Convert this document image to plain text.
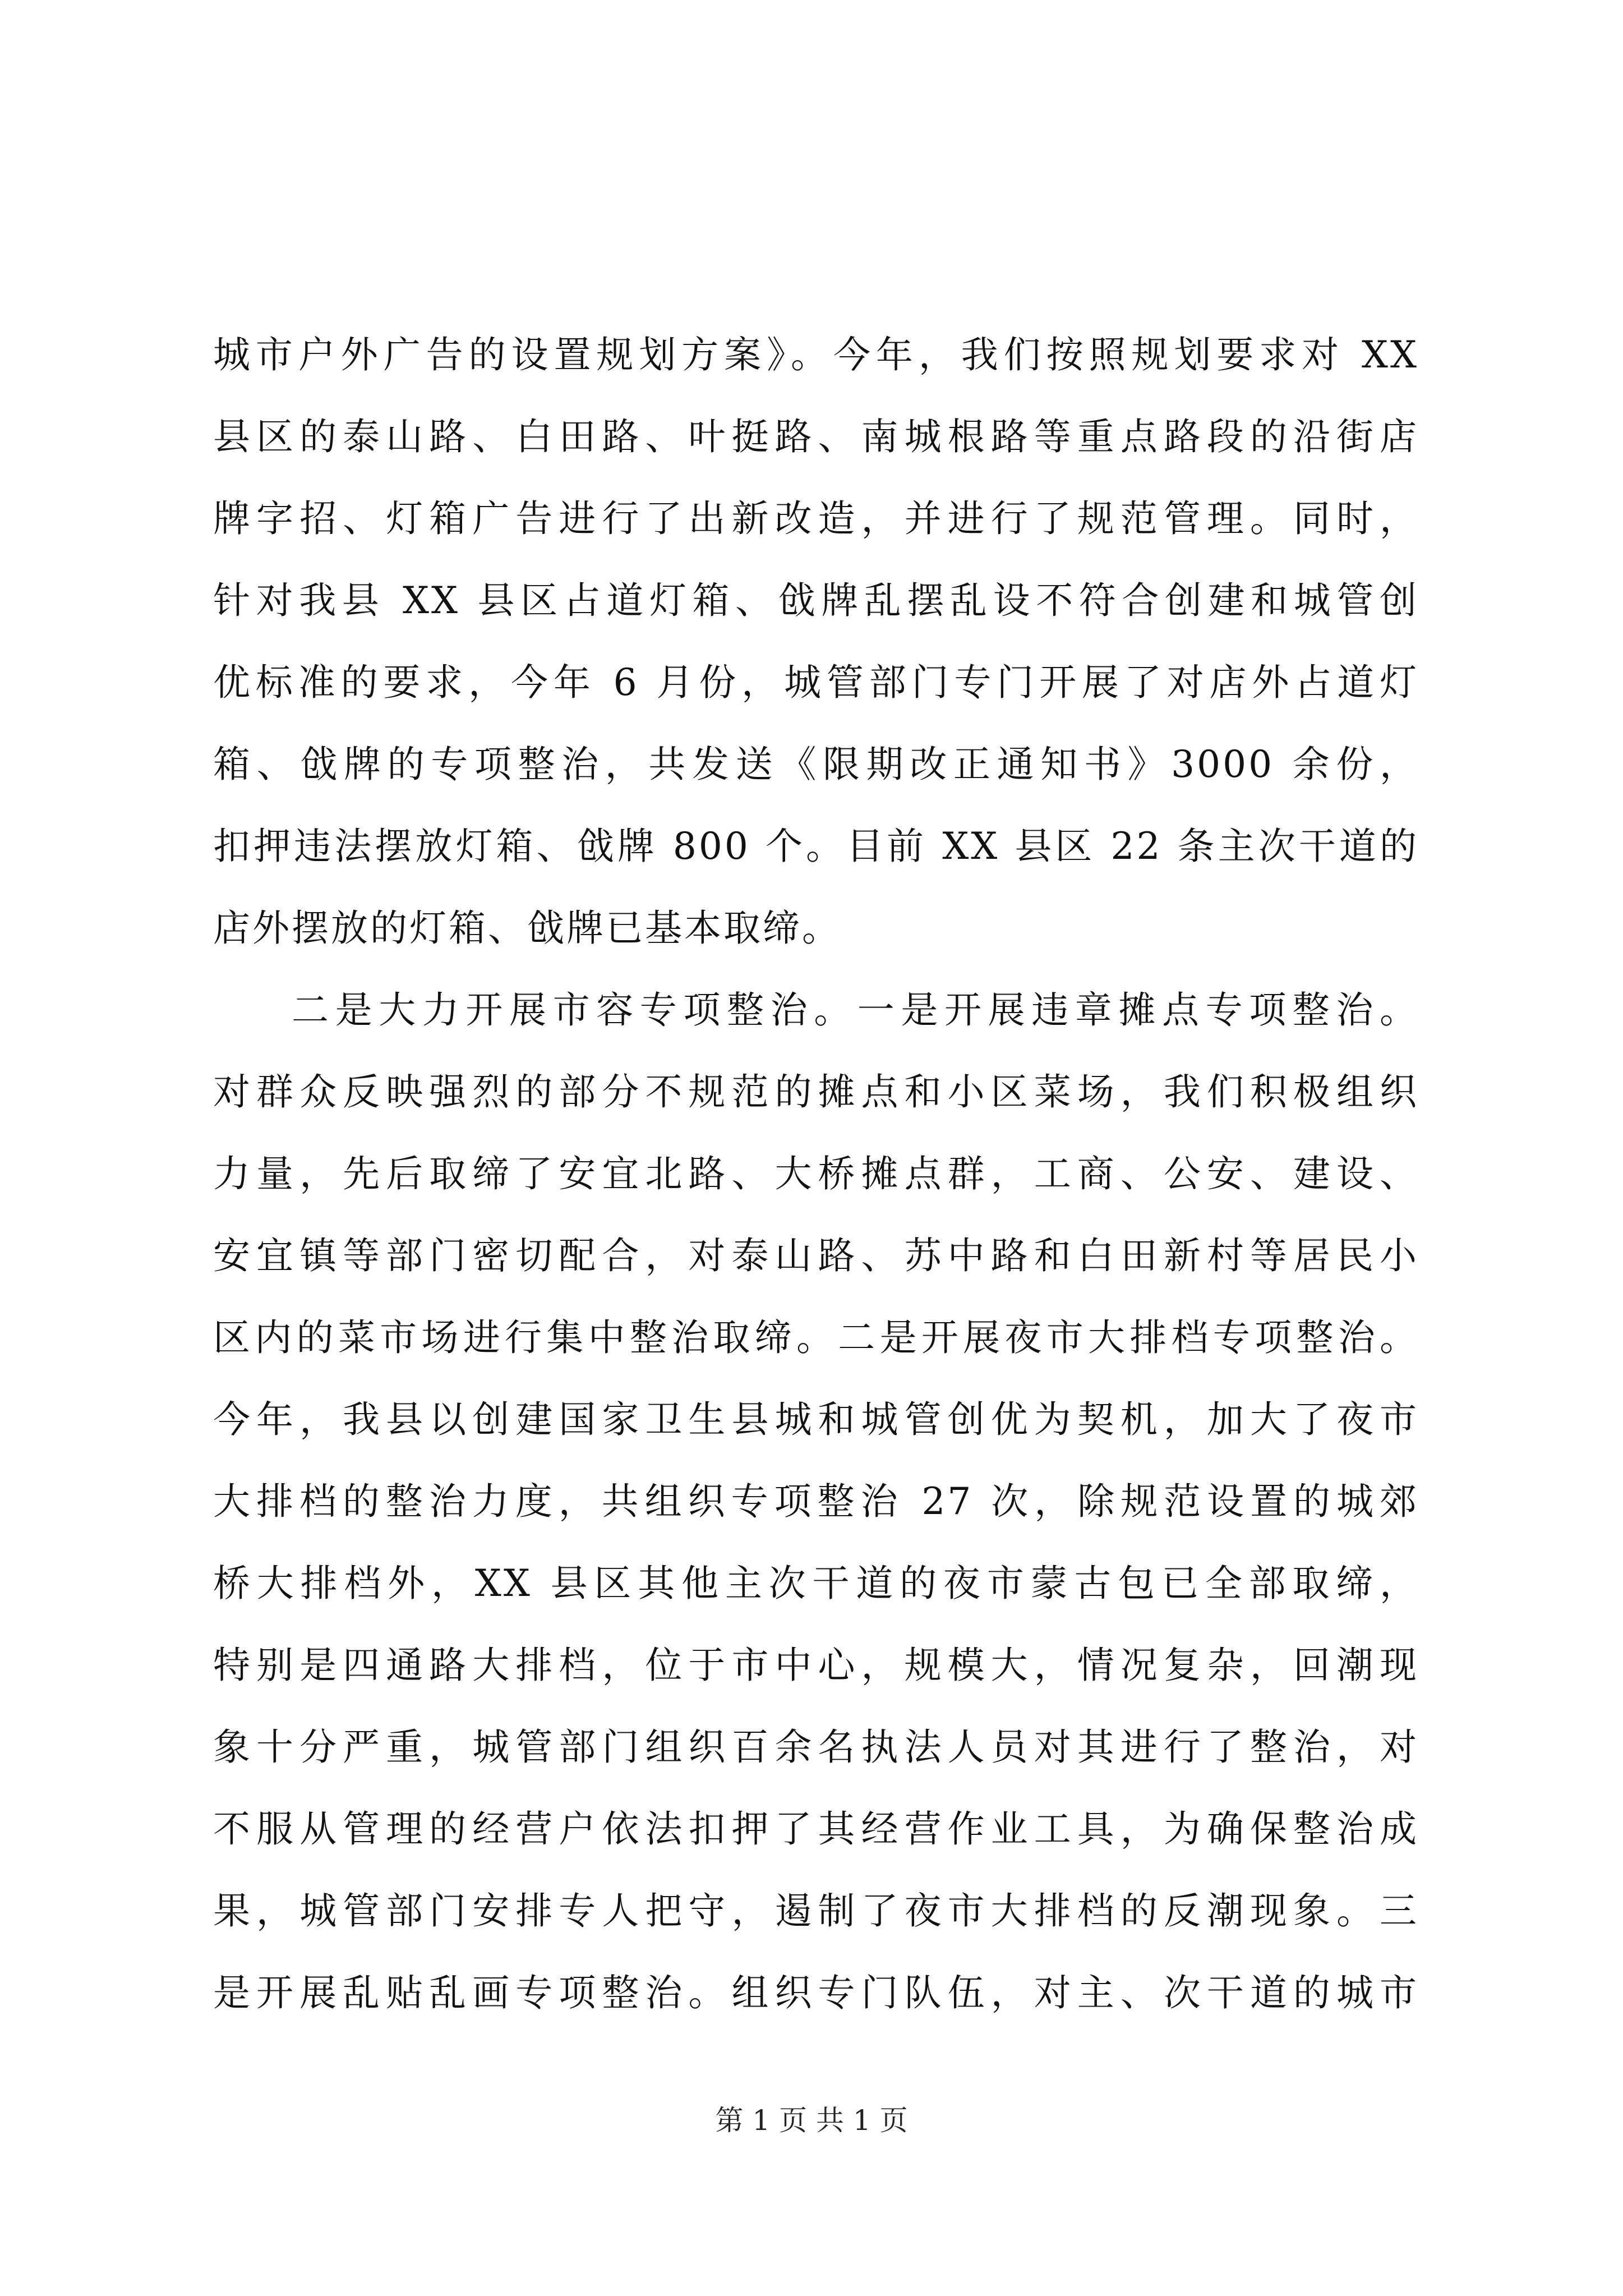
城市户外广告的设置规划方案》。今年，我们按照规划要求对 XX
县区的泰山路、白田路、叶挺路、南城根路等重点路段的沿街店
牌字招、灯箱广告进行了出新改造，并进行了规范管理。同时，
针对我县 XX 县区占道灯箱、戗牌乱摆乱设不符合创建和城管创
优标准的要求，今年 6 月份，城管部门专门开展了对店外占道灯
箱、戗牌的专项整治，共发送《限期改正通知书》3000 余份，
扣押违法摆放灯箱、戗牌 800 个。目前 XX 县区 22 条主次干道的
店外摆放的灯箱、戗牌已基本取缔。
二是大力开展市容专项整治。一是开展违章摊点专项整治。
对群众反映强烈的部分不规范的摊点和小区菜场，我们积极组织
力量，先后取缔了安宜北路、大桥摊点群，工商、公安、建设、
安宜镇等部门密切配合，对泰山路、苏中路和白田新村等居民小
区内的菜市场进行集中整治取缔。二是开展夜市大排档专项整治。
今年，我县以创建国家卫生县城和城管创优为契机，加大了夜市
大排档的整治力度，共组织专项整治 27 次，除规范设置的城郊
桥大排档外，XX 县区其他主次干道的夜市蒙古包已全部取缔，
特别是四通路大排档，位于市中心，规模大，情况复杂，回潮现
象十分严重，城管部门组织百余名执法人员对其进行了整治，对
不服从管理的经营户依法扣押了其经营作业工具，为确保整治成
果，城管部门安排专人把守，遏制了夜市大排档的反潮现象。三
是开展乱贴乱画专项整治。组织专门队伍，对主、次干道的城市
第 1 页 共 1 页
